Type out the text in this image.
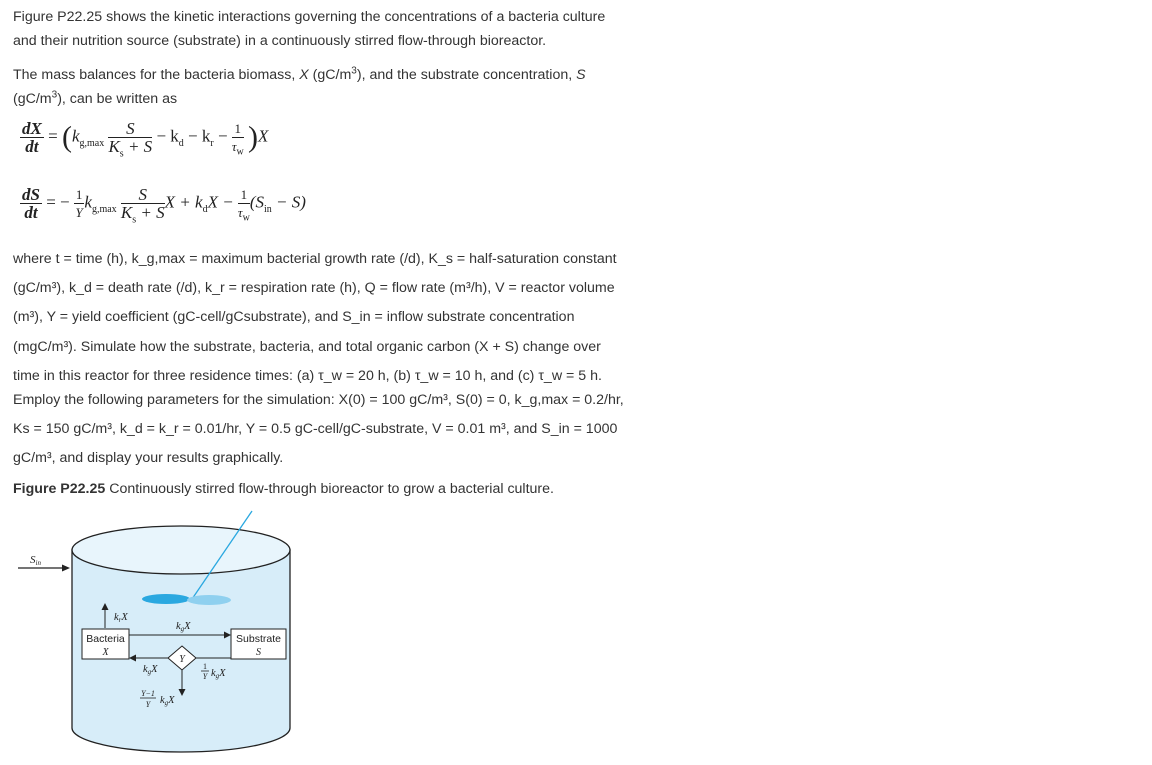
Figure P22.25 shows the kinetic interactions governing the concentrations of a bacteria culture
and their nutrition source (substrate) in a continuously stirred flow-through bioreactor.

The mass balances for the bacteria biomass, X $(gC/m^3)$, and the substrate concentration, S
$(gC/m^3)$, can be written as

$\frac{dX}{dt} = (k_{g,max} \frac{S}{K_s + S} - k_d - k_r - \frac{1}{\tau_w} )X$
$\frac{dS}{dt}$ = − $\frac{1}{Y} k_{g,max} \frac{S}{K_s + S}$ $X + k_dX - \frac{1}{\tau_w} (S_{in} - S)$

where t = time (h), k_g,max = maximum bacterial growth rate (/d), K_s = half-saturation constant
(gC/m³), k_d = death rate (/d), k_r = respiration rate (h), Q = flow rate (m³/h), V = reactor volume
(m³), Y = yield coefficient (gC-cell/gCsubstrate), and S_in = inflow substrate concentration
(mgC/m³). Simulate how the substrate, bacteria, and total organic carbon (X + S) change over
time in this reactor for three residence times: (a) τ_w = 20 h, (b) τ_w = 10 h, and (c) τ_w = 5 h.

Employ the following parameters for the simulation: X(0) = 100 gC/m³, S(0) = 0, k_g,max = 0.2/hr,
Ks = 150 gC/m³, k_d = k_r = 0.01/hr, Y = 0.5 gC-cell/gC-substrate, V = 0.01 m³, and S_in = 1000
gC/m³, and display your results graphically.

Figure P22.25 Continuously stirred flow-through bioreactor to grow a bacterial culture.

Sin
Bacteria
X
Substrate
S
krX
kgX
Y
kgX	1
Y kgX
Y−1
Y kgX
